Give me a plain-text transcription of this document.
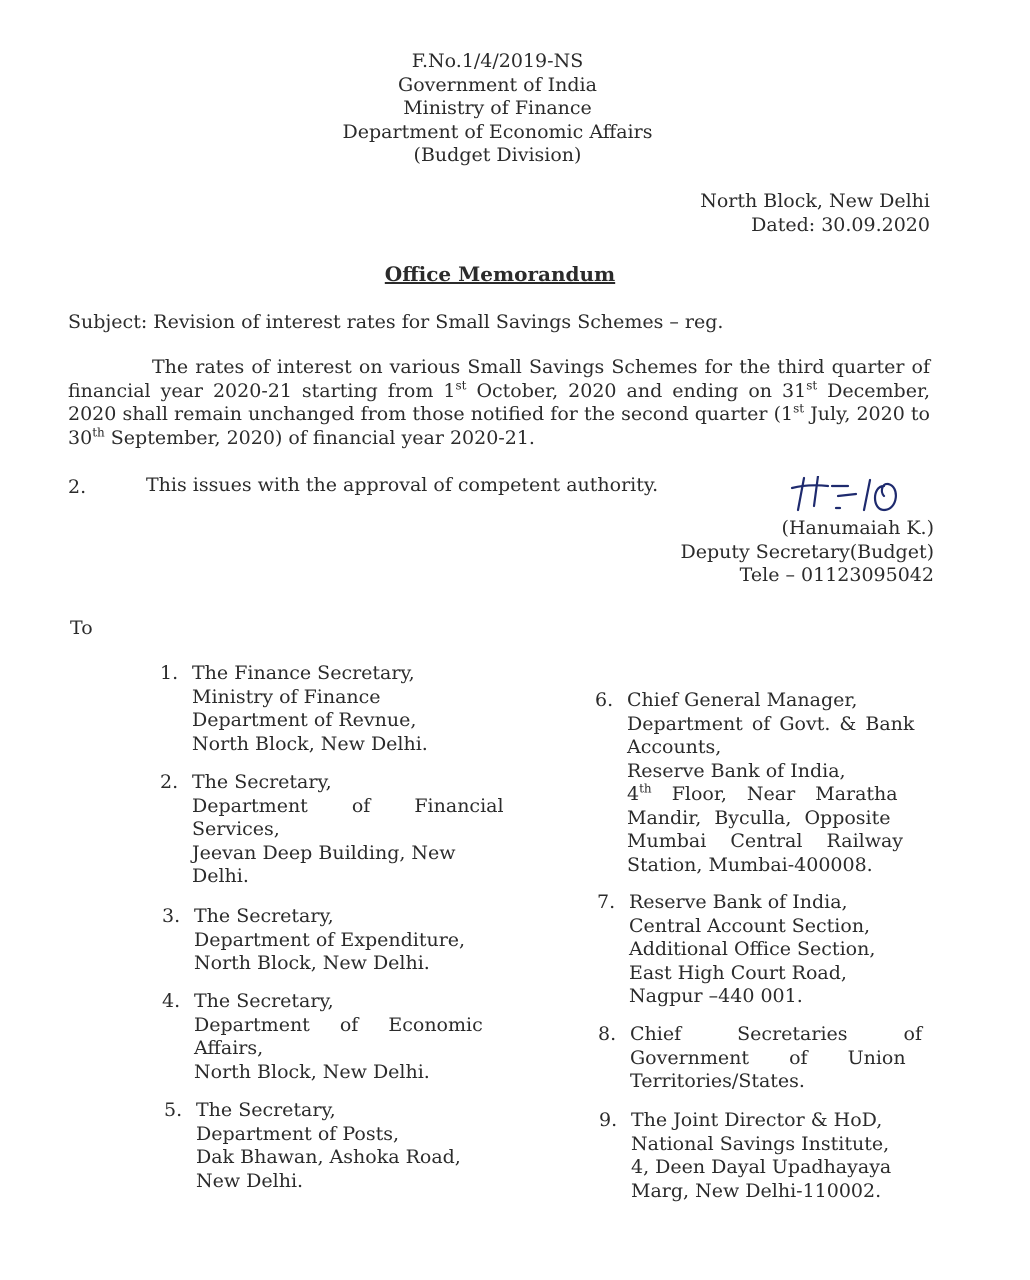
F.No.1/4/2019-NS
Government of India
Ministry of Finance
Department of Economic Affairs
(Budget Division)
North Block, New Delhi
Dated: 30.09.2020
Office Memorandum
Subject: Revision of interest rates for Small Savings Schemes – reg.
The rates of interest on various Small Savings Schemes for the third quarter of financial year 2020-21 starting from 1st October, 2020 and ending on 31st December, 2020 shall remain unchanged from those notified for the second quarter (1st July, 2020 to 30th September, 2020) of financial year 2020-21.
2.	This issues with the approval of competent authority.
(Hanumaiah K.)
Deputy Secretary(Budget)
Tele – 01123095042
To
1. The Finance Secretary,
Ministry of Finance
Department of Revnue,
North Block, New Delhi.
2. The Secretary,
Department of Financial
Services,
Jeevan Deep Building, New
Delhi.
3. The Secretary,
Department of Expenditure,
North Block, New Delhi.
4. The Secretary,
Department of Economic
Affairs,
North Block, New Delhi.
5. The Secretary,
Department of Posts,
Dak Bhawan, Ashoka Road,
New Delhi.
6. Chief General Manager,
Department of Govt. & Bank
Accounts,
Reserve Bank of India,
4th Floor, Near Maratha
Mandir, Byculla, Opposite
Mumbai Central Railway
Station, Mumbai-400008.
7. Reserve Bank of India,
Central Account Section,
Additional Office Section,
East High Court Road,
Nagpur –440 001.
8. Chief Secretaries of
Government of Union
Territories/States.
9. The Joint Director & HoD,
National Savings Institute,
4, Deen Dayal Upadhayaya
Marg, New Delhi-110002.
